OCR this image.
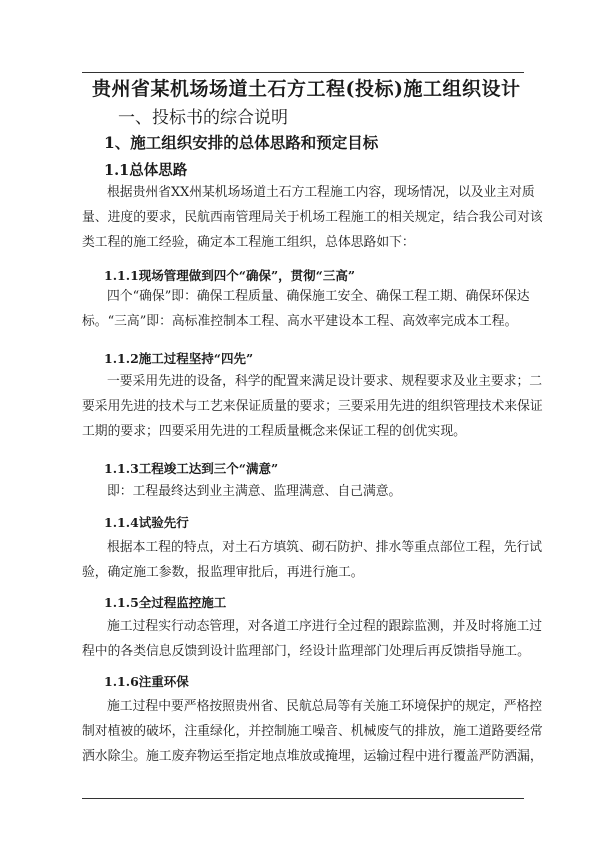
贵州省某机场场道土石方工程(投标)施工组织设计
一、投标书的综合说明
1、施工组织安排的总体思路和预定目标
1.1总体思路
根据贵州省XX州某机场场道土石方工程施工内容，现场情况，以及业主对质
量、进度的要求，民航西南管理局关于机场工程施工的相关规定，结合我公司对该
类工程的施工经验，确定本工程施工组织，总体思路如下：
1.1.1现场管理做到四个“确保”，贯彻“三高”
四个“确保”即：确保工程质量、确保施工安全、确保工程工期、确保环保达
标。“三高”即：高标准控制本工程、高水平建设本工程、高效率完成本工程。
1.1.2施工过程坚持“四先”
一要采用先进的设备，科学的配置来满足设计要求、规程要求及业主要求；二
要采用先进的技术与工艺来保证质量的要求；三要采用先进的组织管理技术来保证
工期的要求；四要采用先进的工程质量概念来保证工程的创优实现。
1.1.3工程竣工达到三个“满意”
即：工程最终达到业主满意、监理满意、自己满意。
1.1.4试验先行
根据本工程的特点，对土石方填筑、砌石防护、排水等重点部位工程，先行试
验，确定施工参数，报监理审批后，再进行施工。
1.1.5全过程监控施工
施工过程实行动态管理，对各道工序进行全过程的跟踪监测，并及时将施工过
程中的各类信息反馈到设计监理部门，经设计监理部门处理后再反馈指导施工。
1.1.6注重环保
施工过程中要严格按照贵州省、民航总局等有关施工环境保护的规定，严格控
制对植被的破坏，注重绿化，并控制施工噪音、机械废气的排放，施工道路要经常
洒水除尘。施工废弃物运至指定地点堆放或掩埋，运输过程中进行覆盖严防洒漏，
